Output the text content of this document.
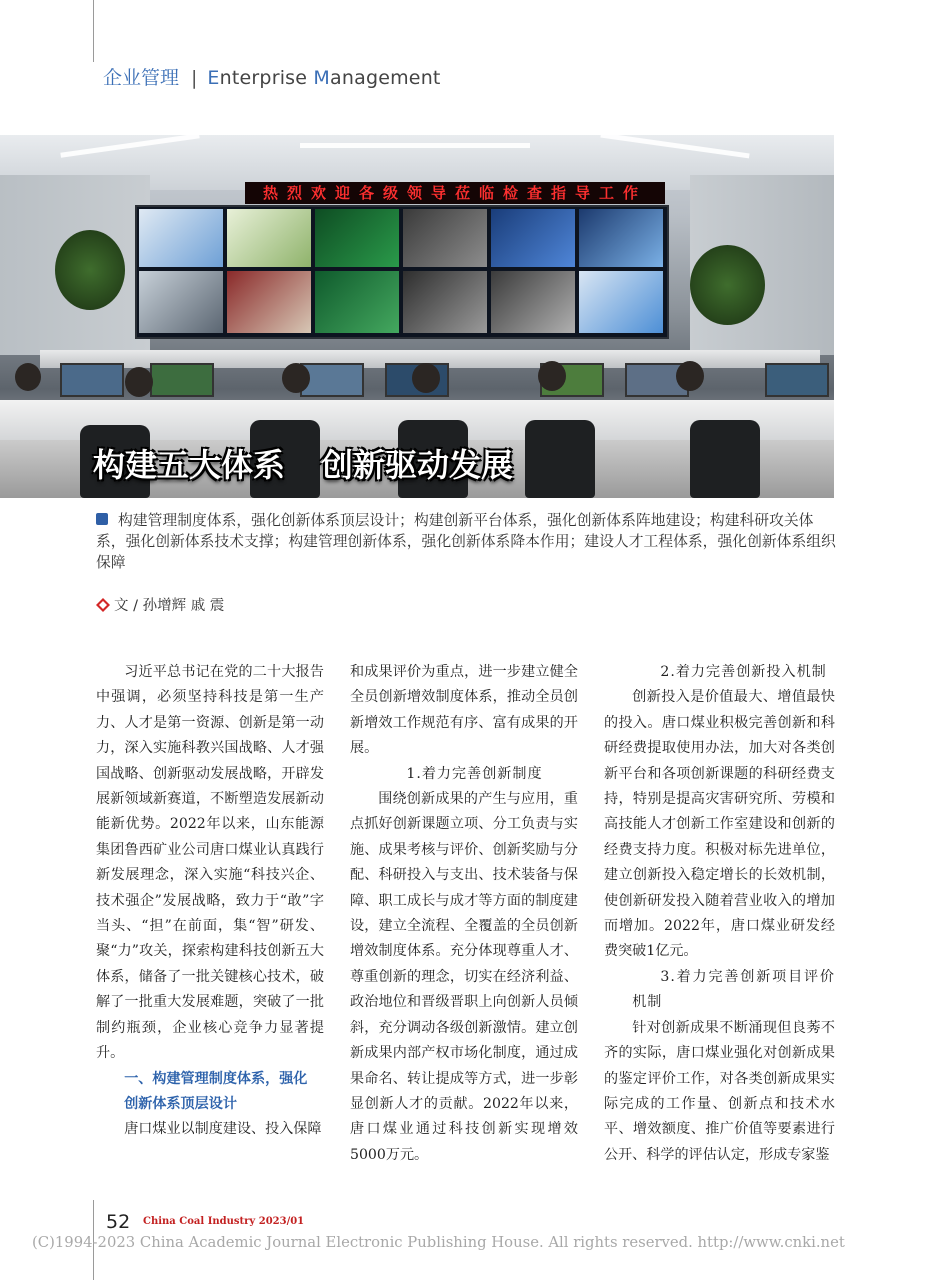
企业管理 | Enterprise Management
热烈欢迎各级领导莅临检查指导工作
构建五大体系 创新驱动发展
构建管理制度体系，强化创新体系顶层设计；构建创新平台体系，强化创新体系阵地建设；构建科研攻关体系，强化创新体系技术支撑；构建管理创新体系，强化创新体系降本作用；建设人才工程体系，强化创新体系组织保障
文 / 孙增辉 戚 震

习近平总书记在党的二十大报告中强调，必须坚持科技是第一生产力、人才是第一资源、创新是第一动力，深入实施科教兴国战略、人才强国战略、创新驱动发展战略，开辟发展新领域新赛道，不断塑造发展新动能新优势。2022年以来，山东能源集团鲁西矿业公司唐口煤业认真践行新发展理念，深入实施“科技兴企、技术强企”发展战略，致力于“敢”字当头、“担”在前面，集“智”研发、聚“力”攻关，探索构建科技创新五大体系，储备了一批关键核心技术，破解了一批重大发展难题，突破了一批制约瓶颈，企业核心竞争力显著提升。

一、构建管理制度体系，强化

创新体系顶层设计

唐口煤业以制度建设、投入保障

和成果评价为重点，进一步建立健全全员创新增效制度体系，推动全员创新增效工作规范有序、富有成果的开展。

1.着力完善创新制度

围绕创新成果的产生与应用，重点抓好创新课题立项、分工负责与实施、成果考核与评价、创新奖励与分配、科研投入与支出、技术装备与保障、职工成长与成才等方面的制度建设，建立全流程、全覆盖的全员创新增效制度体系。充分体现尊重人才、尊重创新的理念，切实在经济利益、政治地位和晋级晋职上向创新人员倾斜，充分调动各级创新激情。建立创新成果内部产权市场化制度，通过成果命名、转让提成等方式，进一步彰显创新人才的贡献。2022年以来，唐口煤业通过科技创新实现增效5000万元。

2.着力完善创新投入机制

创新投入是价值最大、增值最快的投入。唐口煤业积极完善创新和科研经费提取使用办法，加大对各类创新平台和各项创新课题的科研经费支持，特别是提高灾害研究所、劳模和高技能人才创新工作室建设和创新的经费支持力度。积极对标先进单位，建立创新投入稳定增长的长效机制，使创新研发投入随着营业收入的增加而增加。2022年，唐口煤业研发经费突破1亿元。

3.着力完善创新项目评价机制

针对创新成果不断涌现但良莠不齐的实际，唐口煤业强化对创新成果的鉴定评价工作，对各类创新成果实际完成的工作量、创新点和技术水平、增效额度、推广价值等要素进行公开、科学的评估认定，形成专家鉴

52 China Coal Industry 2023/01
(C)1994-2023 China Academic Journal Electronic Publishing House. All rights reserved. http://www.cnki.net
